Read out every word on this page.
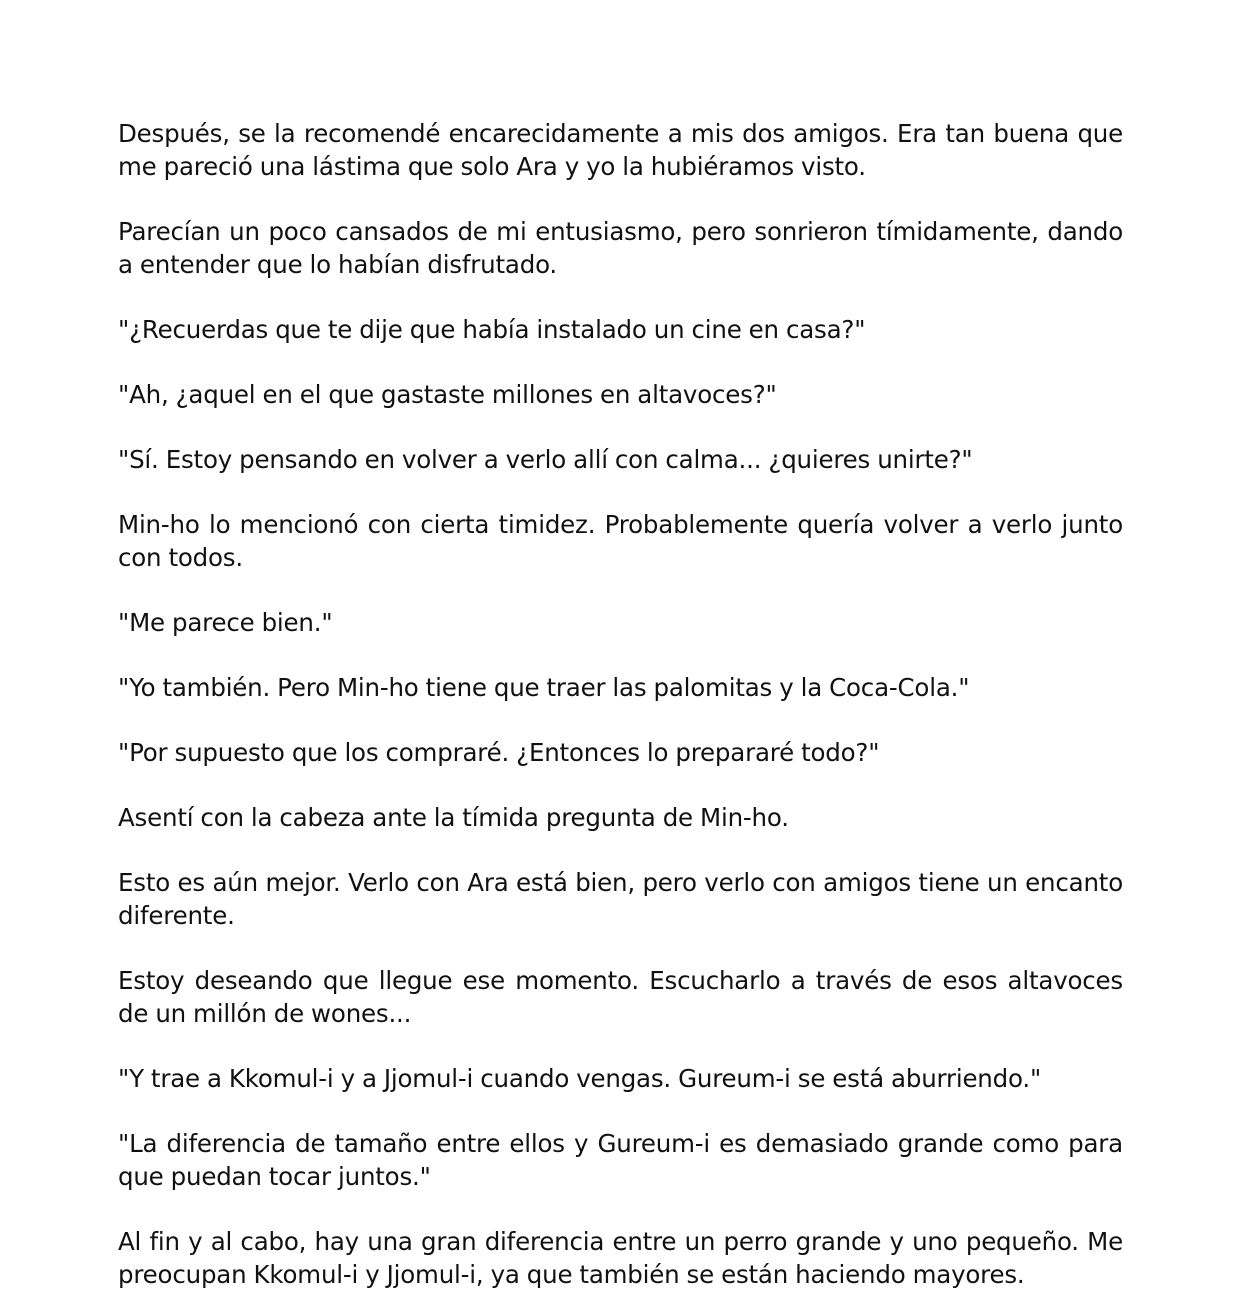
Después, se la recomendé encarecidamente a mis dos amigos. Era tan buena que me pareció una lástima que solo Ara y yo la hubiéramos visto.

Parecían un poco cansados de mi entusiasmo, pero sonrieron tímidamente, dando a entender que lo habían disfrutado.

"¿Recuerdas que te dije que había instalado un cine en casa?"

"Ah, ¿aquel en el que gastaste millones en altavoces?"

"Sí. Estoy pensando en volver a verlo allí con calma... ¿quieres unirte?"

Min-ho lo mencionó con cierta timidez. Probablemente quería volver a verlo junto con todos.

"Me parece bien."

"Yo también. Pero Min-ho tiene que traer las palomitas y la Coca-Cola."

"Por supuesto que los compraré. ¿Entonces lo prepararé todo?"

Asentí con la cabeza ante la tímida pregunta de Min-ho.

Esto es aún mejor. Verlo con Ara está bien, pero verlo con amigos tiene un encanto diferente.

Estoy deseando que llegue ese momento. Escucharlo a través de esos altavoces de un millón de wones...

"Y trae a Kkomul-i y a Jjomul-i cuando vengas. Gureum-i se está aburriendo."

"La diferencia de tamaño entre ellos y Gureum-i es demasiado grande como para que puedan tocar juntos."

Al fin y al cabo, hay una gran diferencia entre un perro grande y uno pequeño. Me preocupan Kkomul-i y Jjomul-i, ya que también se están haciendo mayores.
